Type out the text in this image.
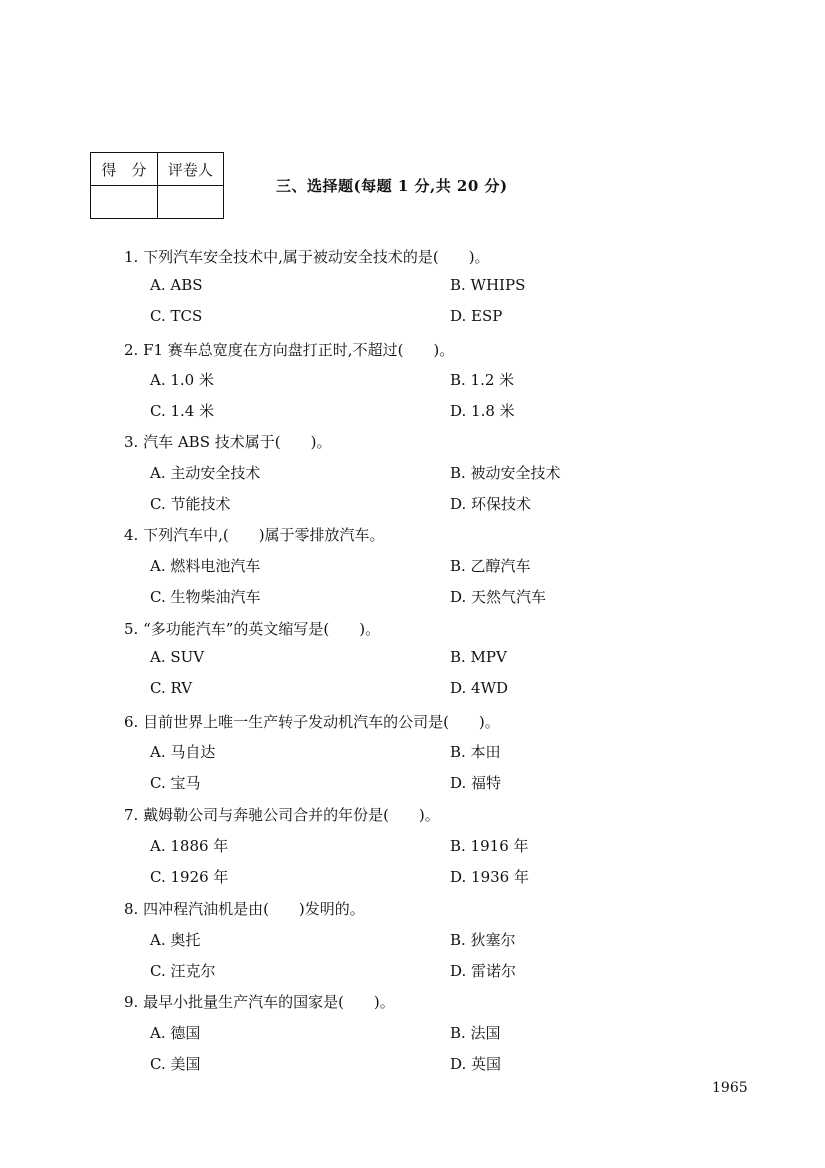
得　分	评卷人

三、选择题(每题 1 分,共 20 分)
1. 下列汽车安全技术中,属于被动安全技术的是(　　)。
A. ABS	B. WHIPS
C. TCS	D. ESP
2. F1 赛车总宽度在方向盘打正时,不超过(　　)。
A. 1.0 米	B. 1.2 米
C. 1.4 米	D. 1.8 米
3. 汽车 ABS 技术属于(　　)。
A. 主动安全技术	B. 被动安全技术
C. 节能技术	D. 环保技术
4. 下列汽车中,(　　)属于零排放汽车。
A. 燃料电池汽车	B. 乙醇汽车
C. 生物柴油汽车	D. 天然气汽车
5. “多功能汽车”的英文缩写是(　　)。
A. SUV	B. MPV
C. RV	D. 4WD
6. 目前世界上唯一生产转子发动机汽车的公司是(　　)。
A. 马自达	B. 本田
C. 宝马	D. 福特
7. 戴姆勒公司与奔驰公司合并的年份是(　　)。
A. 1886 年	B. 1916 年
C. 1926 年	D. 1936 年
8. 四冲程汽油机是由(　　)发明的。
A. 奥托	B. 狄塞尔
C. 汪克尔	D. 雷诺尔
9. 最早小批量生产汽车的国家是(　　)。
A. 德国	B. 法国
C. 美国	D. 英国
1965
